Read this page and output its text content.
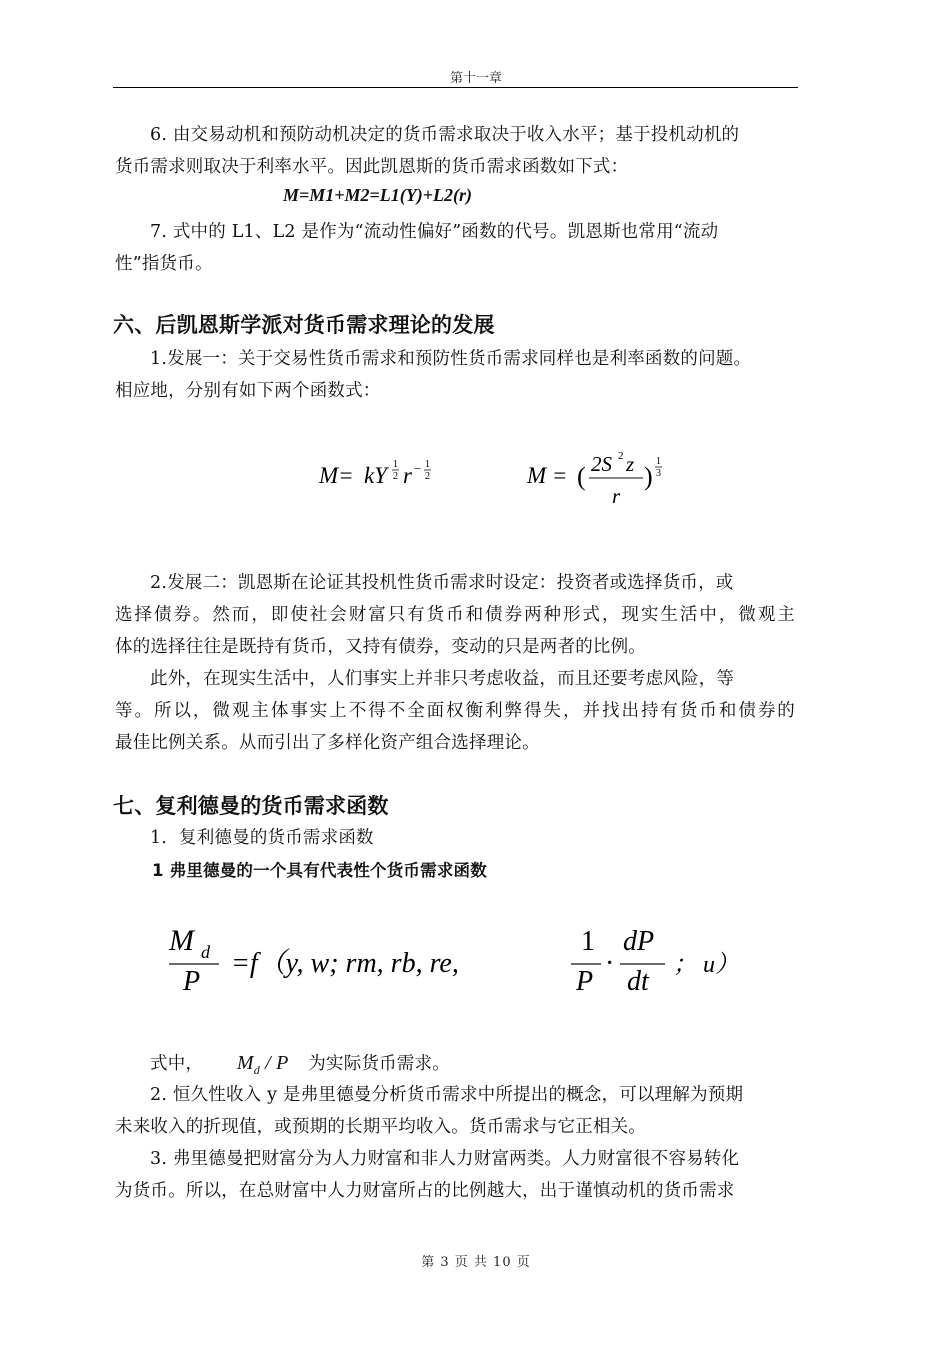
第十一章
6. 由交易动机和预防动机决定的货币需求取决于收入水平；基于投机动机的
货币需求则取决于利率水平。因此凯恩斯的货币需求函数如下式：
M=M1+M2=L1(Y)+L2(r)
7. 式中的 L1、L2 是作为“流动性偏好”函数的代号。凯恩斯也常用“流动
性”指货币。
六、后凯恩斯学派对货币需求理论的发展
1.发展一：关于交易性货币需求和预防性货币需求同样也是利率函数的问题。
相应地，分别有如下两个函数式：
M= kY 1
2 r − 1
2	M = ( 2S 2 z
r
)
1
3
2.发展二：凯恩斯在论证其投机性货币需求时设定：投资者或选择货币，或
选择债券。然而，即使社会财富只有货币和债券两种形式，现实生活中，微观主
体的选择往往是既持有货币，又持有债券，变动的只是两者的比例。
此外，在现实生活中，人们事实上并非只考虑收益，而且还要考虑风险，等
等。所以，微观主体事实上不得不全面权衡利弊得失，并找出持有货币和债券的
最佳比例关系。从而引出了多样化资产组合选择理论。
七、复利德曼的货币需求函数
1．复利德曼的货币需求函数
1 弗里德曼的一个具有代表性个货币需求函数
M d
P
=f（y, w; rm, rb, re,
1
P
·
dP
dt
； u）
式中， $M_d$ / P 为实际货币需求。
2. 恒久性收入 y 是弗里德曼分析货币需求中所提出的概念，可以理解为预期
未来收入的折现值，或预期的长期平均收入。货币需求与它正相关。
3. 弗里德曼把财富分为人力财富和非人力财富两类。人力财富很不容易转化
为货币。所以，在总财富中人力财富所占的比例越大，出于谨慎动机的货币需求
第 3 页 共 10 页
